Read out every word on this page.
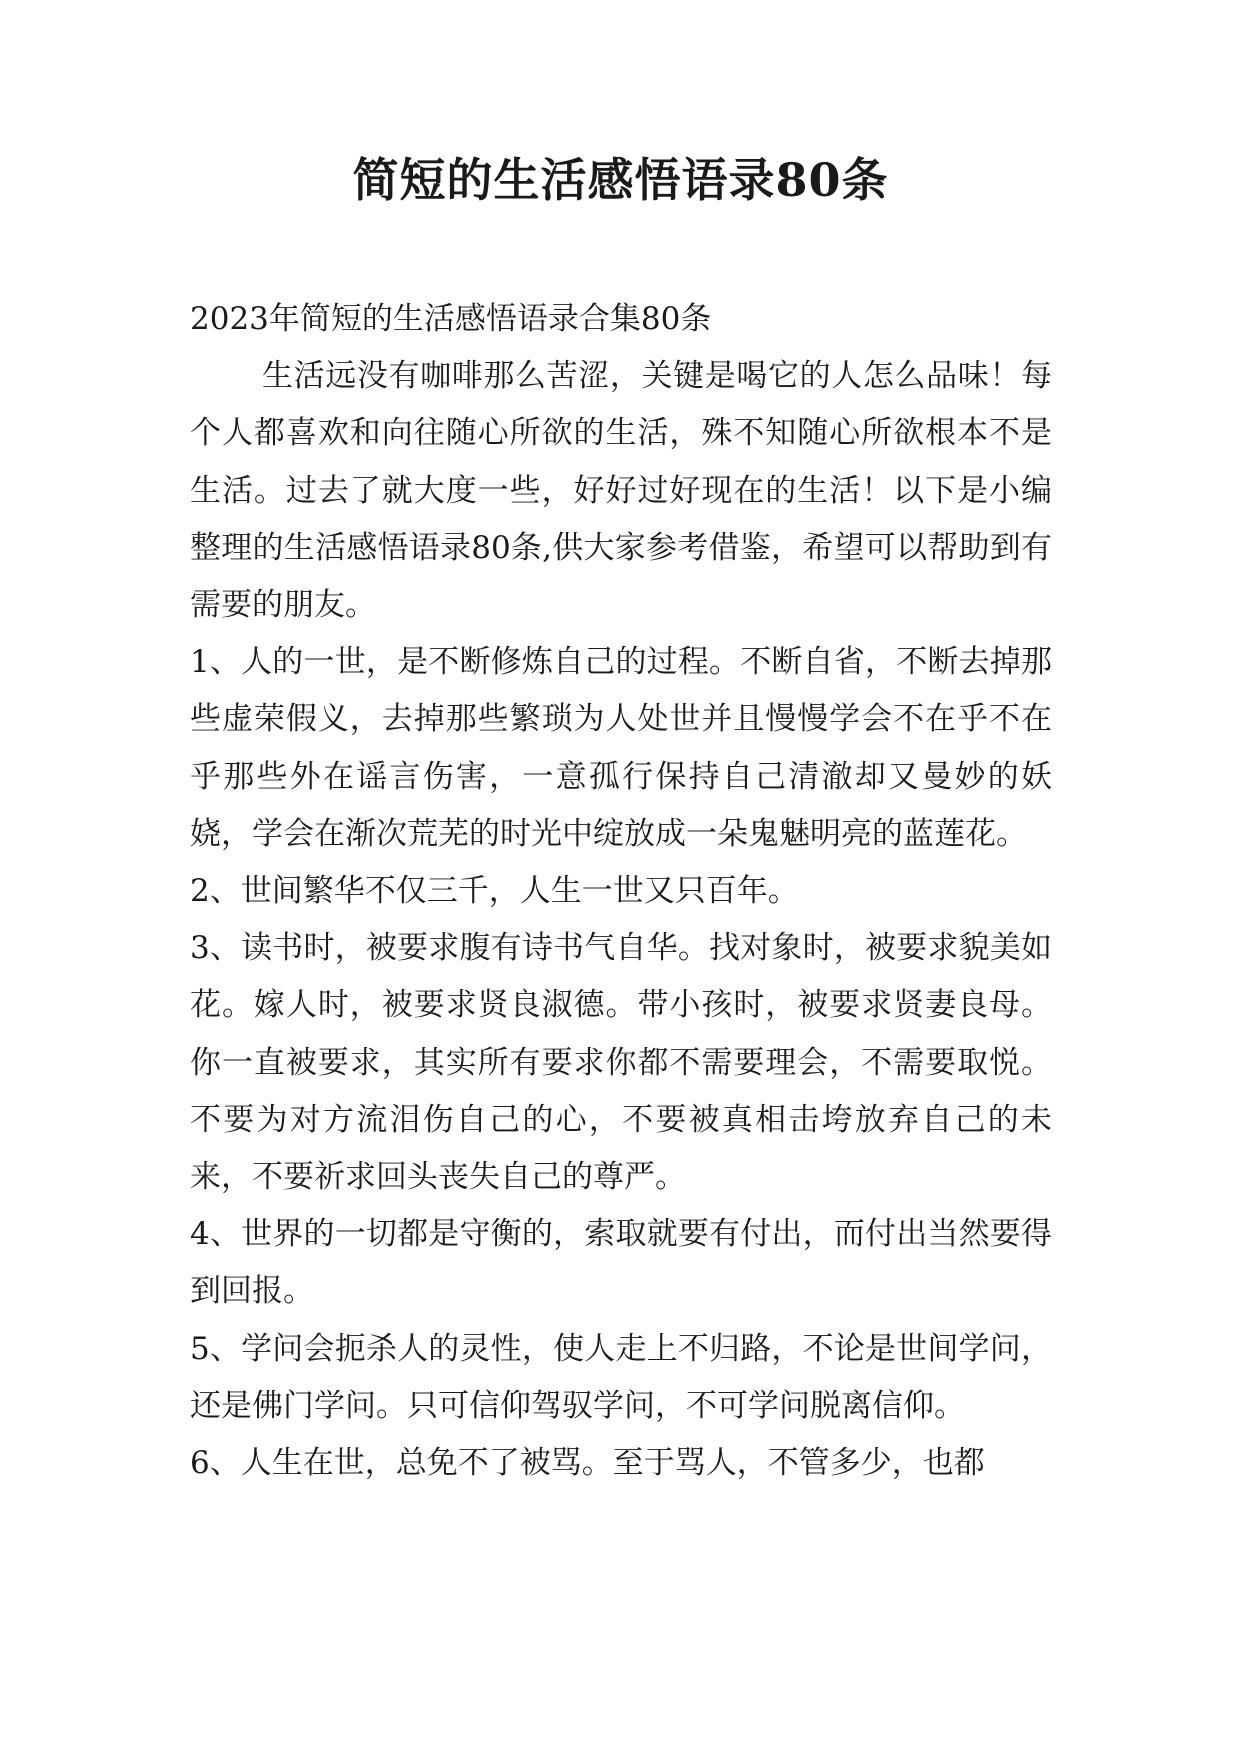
简短的生活感悟语录80条

2023年简短的生活感悟语录合集80条

生活远没有咖啡那么苦涩，关键是喝它的人怎么品味！每个人都喜欢和向往随心所欲的生活，殊不知随心所欲根本不是生活。过去了就大度一些，好好过好现在的生活！以下是小编整理的生活感悟语录80条,供大家参考借鉴，希望可以帮助到有需要的朋友。

1、人的一世，是不断修炼自己的过程。不断自省，不断去掉那些虚荣假义，去掉那些繁琐为人处世并且慢慢学会不在乎不在乎那些外在谣言伤害，一意孤行保持自己清澈却又曼妙的妖娆，学会在渐次荒芜的时光中绽放成一朵鬼魅明亮的蓝莲花。

2、世间繁华不仅三千，人生一世又只百年。

3、读书时，被要求腹有诗书气自华。找对象时，被要求貌美如花。嫁人时，被要求贤良淑德。带小孩时，被要求贤妻良母。你一直被要求，其实所有要求你都不需要理会，不需要取悦。不要为对方流泪伤自己的心，不要被真相击垮放弃自己的未来，不要祈求回头丧失自己的尊严。

4、世界的一切都是守衡的，索取就要有付出，而付出当然要得到回报。

5、学问会扼杀人的灵性，使人走上不归路，不论是世间学问，还是佛门学问。只可信仰驾驭学问，不可学问脱离信仰。

6、人生在世，总免不了被骂。至于骂人，不管多少，也都
